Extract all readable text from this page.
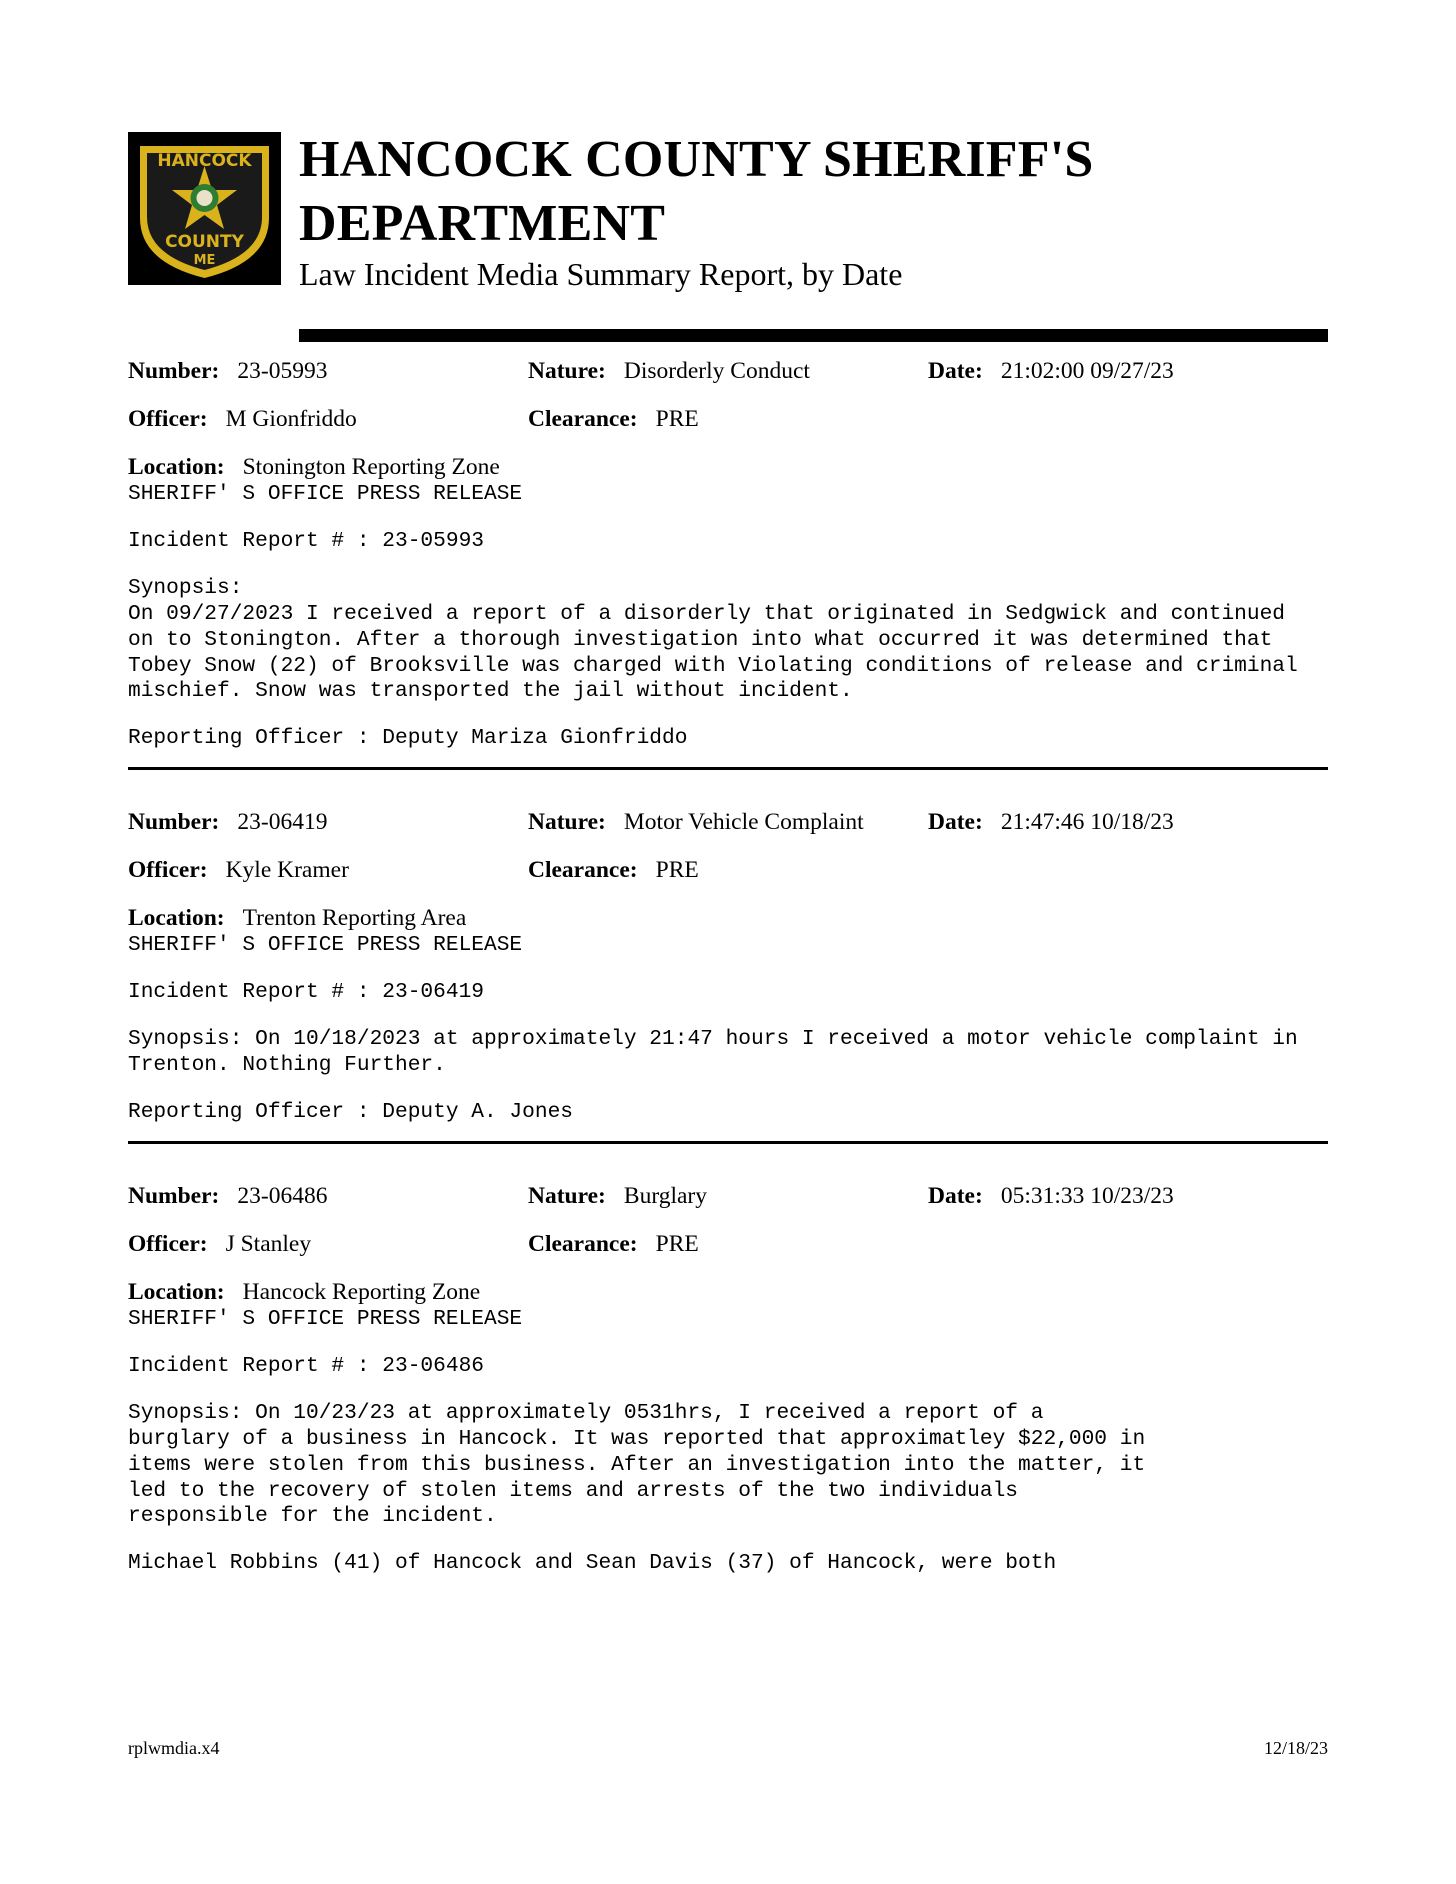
HANCOCK
COUNTY
ME
HANCOCK COUNTY SHERIFF'S DEPARTMENT
Law Incident Media Summary Report, by Date
Number: 23-05993	Nature: Disorderly Conduct	Date: 21:02:00 09/27/23
Officer: M Gionfriddo	Clearance: PRE
Location: Stonington Reporting Zone
SHERIFF' S OFFICE PRESS RELEASE
Incident Report # : 23-05993
Synopsis:
On 09/27/2023 I received a report of a disorderly that originated in Sedgwick and continued
on to Stonington. After a thorough investigation into what occurred it was determined that
Tobey Snow (22) of Brooksville was charged with Violating conditions of release and criminal
mischief. Snow was transported the jail without incident.
Reporting Officer : Deputy Mariza Gionfriddo
Number: 23-06419	Nature: Motor Vehicle Complaint	Date: 21:47:46 10/18/23
Officer: Kyle Kramer	Clearance: PRE
Location: Trenton Reporting Area
SHERIFF' S OFFICE PRESS RELEASE
Incident Report # : 23-06419
Synopsis: On 10/18/2023 at approximately 21:47 hours I received a motor vehicle complaint in
Trenton. Nothing Further.
Reporting Officer : Deputy A. Jones
Number: 23-06486	Nature: Burglary	Date: 05:31:33 10/23/23
Officer: J Stanley	Clearance: PRE
Location: Hancock Reporting Zone
SHERIFF' S OFFICE PRESS RELEASE
Incident Report # : 23-06486
Synopsis: On 10/23/23 at approximately 0531hrs, I received a report of a
burglary of a business in Hancock. It was reported that approximatley $22,000 in
items were stolen from this business. After an investigation into the matter, it
led to the recovery of stolen items and arrests of the two individuals
responsible for the incident.
Michael Robbins (41) of Hancock and Sean Davis (37) of Hancock, were both
rplwmdia.x4	12/18/23
